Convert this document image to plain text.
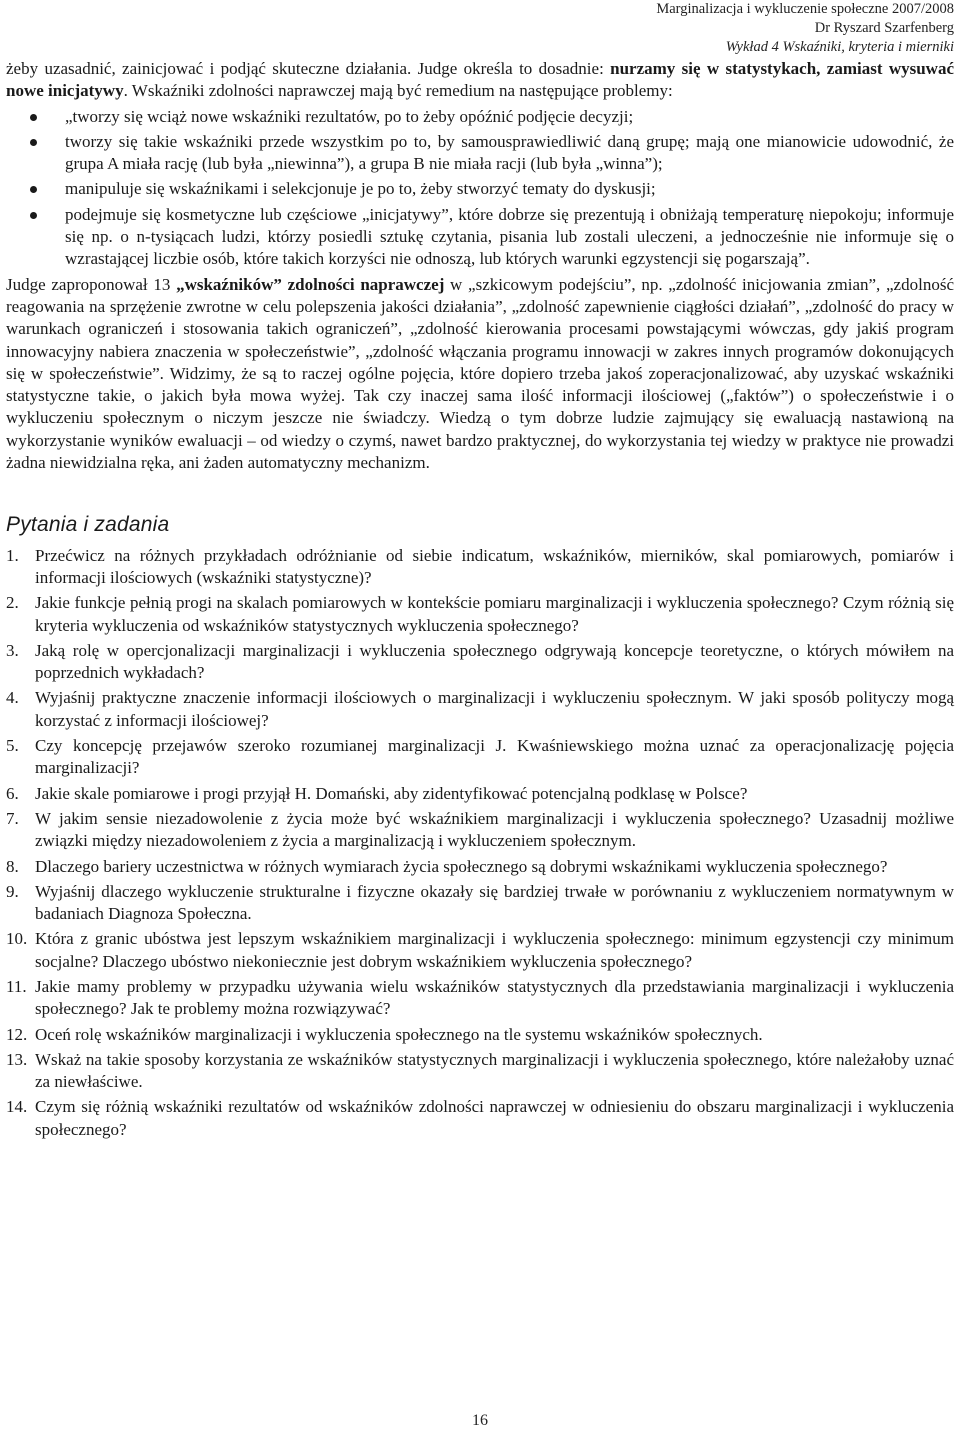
Marginalizacja i wykluczenie społeczne 2007/2008
Dr Ryszard Szarfenberg
Wykład 4 Wskaźniki, kryteria i mierniki

żeby uzasadnić, zainicjować i podjąć skuteczne działania. Judge określa to dosadnie: nurzamy się w statystykach, zamiast wysuwać nowe inicjatywy. Wskaźniki zdolności naprawczej mają być remedium na następujące problemy:

„tworzy się wciąż nowe wskaźniki rezultatów, po to żeby opóźnić podjęcie decyzji;
tworzy się takie wskaźniki przede wszystkim po to, by samousprawiedliwić daną grupę; mają one mianowicie udowodnić, że grupa A miała rację (lub była „niewinna”), a grupa B nie miała racji (lub była „winna”);
manipuluje się wskaźnikami i selekcjonuje je po to, żeby stworzyć tematy do dyskusji;
podejmuje się kosmetyczne lub częściowe „inicjatywy”, które dobrze się prezentują i obniżają temperaturę niepokoju; informuje się np. o n-tysiącach ludzi, którzy posiedli sztukę czytania, pisania lub zostali uleczeni, a jednocześnie nie informuje się o wzrastającej liczbie osób, które takich korzyści nie odnoszą, lub których warunki egzystencji się pogarszają”.

Judge zaproponował 13 „wskaźników” zdolności naprawczej w „szkicowym podejściu”, np. „zdolność inicjowania zmian”, „zdolność reagowania na sprzężenie zwrotne w celu polepszenia jakości działania”, „zdolność zapewnienie ciągłości działań”, „zdolność do pracy w warunkach ograniczeń i stosowania takich ograniczeń”, „zdolność kierowania procesami powstającymi wówczas, gdy jakiś program innowacyjny nabiera znaczenia w społeczeństwie”, „zdolność włączania programu innowacji w zakres innych programów dokonujących się w społeczeństwie”. Widzimy, że są to raczej ogólne pojęcia, które dopiero trzeba jakoś zoperacjonalizować, aby uzyskać wskaźniki statystyczne takie, o jakich była mowa wyżej. Tak czy inaczej sama ilość informacji ilościowej („faktów”) o społeczeństwie i o wykluczeniu społecznym o niczym jeszcze nie świadczy. Wiedzą o tym dobrze ludzie zajmujący się ewaluacją nastawioną na wykorzystanie wyników ewaluacji – od wiedzy o czymś, nawet bardzo praktycznej, do wykorzystania tej wiedzy w praktyce nie prowadzi żadna niewidzialna ręka, ani żaden automatyczny mechanizm.

Pytania i zadania
1. Przećwicz na różnych przykładach odróżnianie od siebie indicatum, wskaźników, mierników, skal pomiarowych, pomiarów i informacji ilościowych (wskaźniki statystyczne)?
2. Jakie funkcje pełnią progi na skalach pomiarowych w kontekście pomiaru marginalizacji i wykluczenia społecznego? Czym różnią się kryteria wykluczenia od wskaźników statystycznych wykluczenia społecznego?
3. Jaką rolę w opercjonalizacji marginalizacji i wykluczenia społecznego odgrywają koncepcje teoretyczne, o których mówiłem na poprzednich wykładach?
4. Wyjaśnij praktyczne znaczenie informacji ilościowych o marginalizacji i wykluczeniu społecznym. W jaki sposób polityczy mogą korzystać z informacji ilościowej?
5. Czy koncepcję przejawów szeroko rozumianej marginalizacji J. Kwaśniewskiego można uznać za operacjonalizację pojęcia marginalizacji?
6. Jakie skale pomiarowe i progi przyjął H. Domański, aby zidentyfikować potencjalną podklasę w Polsce?
7. W jakim sensie niezadowolenie z życia może być wskaźnikiem marginalizacji i wykluczenia społecznego? Uzasadnij możliwe związki między niezadowoleniem z życia a marginalizacją i wykluczeniem społecznym.
8. Dlaczego bariery uczestnictwa w różnych wymiarach życia społecznego są dobrymi wskaźnikami wykluczenia społecznego?
9. Wyjaśnij dlaczego wykluczenie strukturalne i fizyczne okazały się bardziej trwałe w porównaniu z wykluczeniem normatywnym w badaniach Diagnoza Społeczna.
10. Która z granic ubóstwa jest lepszym wskaźnikiem marginalizacji i wykluczenia społecznego: minimum egzystencji czy minimum socjalne? Dlaczego ubóstwo niekoniecznie jest dobrym wskaźnikiem wykluczenia społecznego?
11. Jakie mamy problemy w przypadku używania wielu wskaźników statystycznych dla przedstawiania marginalizacji i wykluczenia społecznego? Jak te problemy można rozwiązywać?
12. Oceń rolę wskaźników marginalizacji i wykluczenia społecznego na tle systemu wskaźników społecznych.
13. Wskaż na takie sposoby korzystania ze wskaźników statystycznych marginalizacji i wykluczenia społecznego, które należałoby uznać za niewłaściwe.
14. Czym się różnią wskaźniki rezultatów od wskaźników zdolności naprawczej w odniesieniu do obszaru marginalizacji i wykluczenia społecznego?
16
